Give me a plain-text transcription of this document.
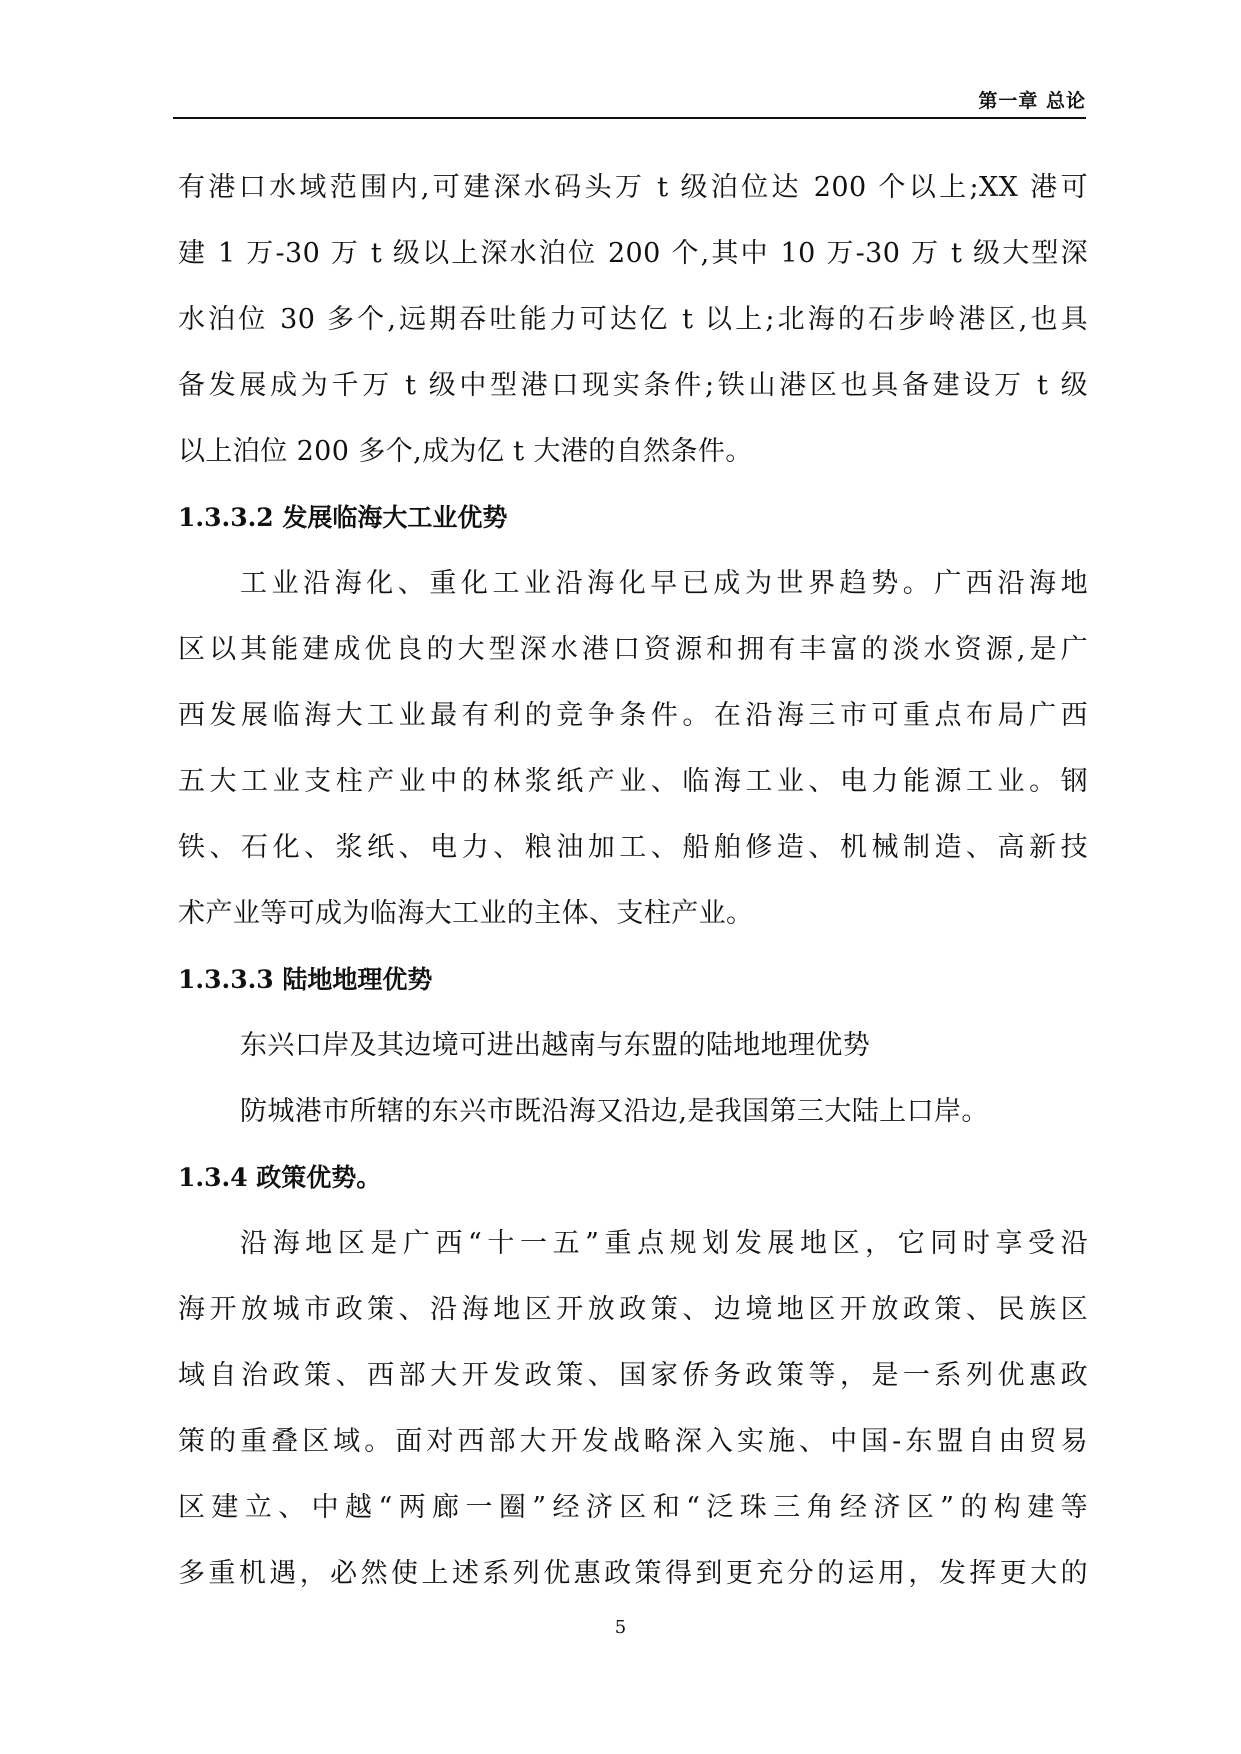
第一章 总论
有港口水域范围内,可建深水码头万 t 级泊位达 200 个以上;XX 港可
建 1 万-30 万 t 级以上深水泊位 200 个,其中 10 万-30 万 t 级大型深
水泊位 30 多个,远期吞吐能力可达亿 t 以上;北海的石步岭港区,也具
备发展成为千万 t 级中型港口现实条件;铁山港区也具备建设万 t 级
以上泊位 200 多个,成为亿 t 大港的自然条件。
1.3.3.2 发展临海大工业优势
工业沿海化、重化工业沿海化早已成为世界趋势。广西沿海地
区以其能建成优良的大型深水港口资源和拥有丰富的淡水资源,是广
西发展临海大工业最有利的竞争条件。在沿海三市可重点布局广西
五大工业支柱产业中的林浆纸产业、临海工业、电力能源工业。钢
铁、石化、浆纸、电力、粮油加工、船舶修造、机械制造、高新技
术产业等可成为临海大工业的主体、支柱产业。
1.3.3.3 陆地地理优势
东兴口岸及其边境可进出越南与东盟的陆地地理优势
防城港市所辖的东兴市既沿海又沿边,是我国第三大陆上口岸。
1.3.4 政策优势。
沿海地区是广西“十一五”重点规划发展地区，它同时享受沿
海开放城市政策、沿海地区开放政策、边境地区开放政策、民族区
域自治政策、西部大开发政策、国家侨务政策等，是一系列优惠政
策的重叠区域。面对西部大开发战略深入实施、中国-东盟自由贸易
区建立、中越“两廊一圈”经济区和“泛珠三角经济区”的构建等
多重机遇，必然使上述系列优惠政策得到更充分的运用，发挥更大的
5
